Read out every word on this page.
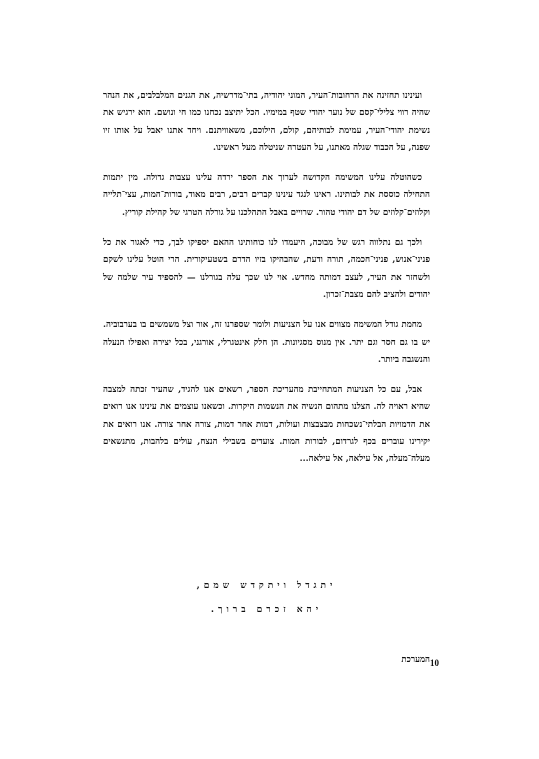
ועינינו תחזינה את הרחובות־העיר, המוני יהודיה, בתי־מדרשיה, את הגנים המלבלבים, את הנהר שהיה רווי צלילי־קסם של נוער יהודי שטף במימיו. הכל יתיצב נכחנו כמו חי ונושם. הוא ירגיש את נשימת יהודי־העיר, עמימת לבותיהם, קולם, הילוכם, משאוויתנם. ויחד אתנו יאבל על אותו זיו שפנה, על הכבוד שגלה מאתנו, על העטרה שניטלה מעל ראשינו.

כשהוטלה עלינו המשימה הקדושה לערוך את הספר ירדה עלינו עצבות גדולה. מין יתמות התחילה כוססת את לבותינו. ראינו לנגד עינינו קברים רבים, רבים מאוד, בורות־המות, עצי־תלייה וקלוזים־קלוזים של דם יהודי טהור. שרויים באבל התהלכנו על גורלה הטרגי של קהילת קוריץ.

ולכך גם נתלווה רגש של מבוכה, היעמדו לנו כוחותינו ההאם יספיקו לבך, כדי לאגור את כל פניני־אנוש, פניני־חכמה, תורה ודעת, שהבהיקו בזיו הדרם בשטעיקורית. הרי הוטל עלינו לשקם ולשחזר את העיר, לעצב דמותה מחדש. אוי לנו שכך עלה בגורלנו — להספיד עיר שלמה של יהודים ולהציב להם מצבת־זכרון.

מחמת גודל המשימה מצווים אנו על הצניעות ולומר שספרנו זה, אור וצל משמשים בו בערבוביה. יש בו גם חסר וגם יתר. אין מנוס מסגיונות. הן חלק אינטגרלי, אורגני, בכל יצירה ואפילו הנעלה והנשגבה ביותר.

אבל, עם כל הצניעות המתחייבת מהעריכת הספר, רשאים אנו להגיד, שהעיר זכתה למצבה שהיא ראויה לה. הצלנו מתהום הנשיה את הנשמות היקרות. וכשאנו עוצמים את עינינו אנו רואים את הדמויות הבלתי־נשכחות מבצבצות ועולות, דמות אחר דמות, צורה אחר צורה. אנו רואים את יקירינו עוברים בכף לגרדום, לבורות המות. צועדים בשבילי הנצח, עולים בלהבות, מתנשאים מעלה־מעלה, אל עילאה, אל עילאה...

יתגדל ויתקדש שמם,
יהא זכרם ברוך.
המערכת 10
